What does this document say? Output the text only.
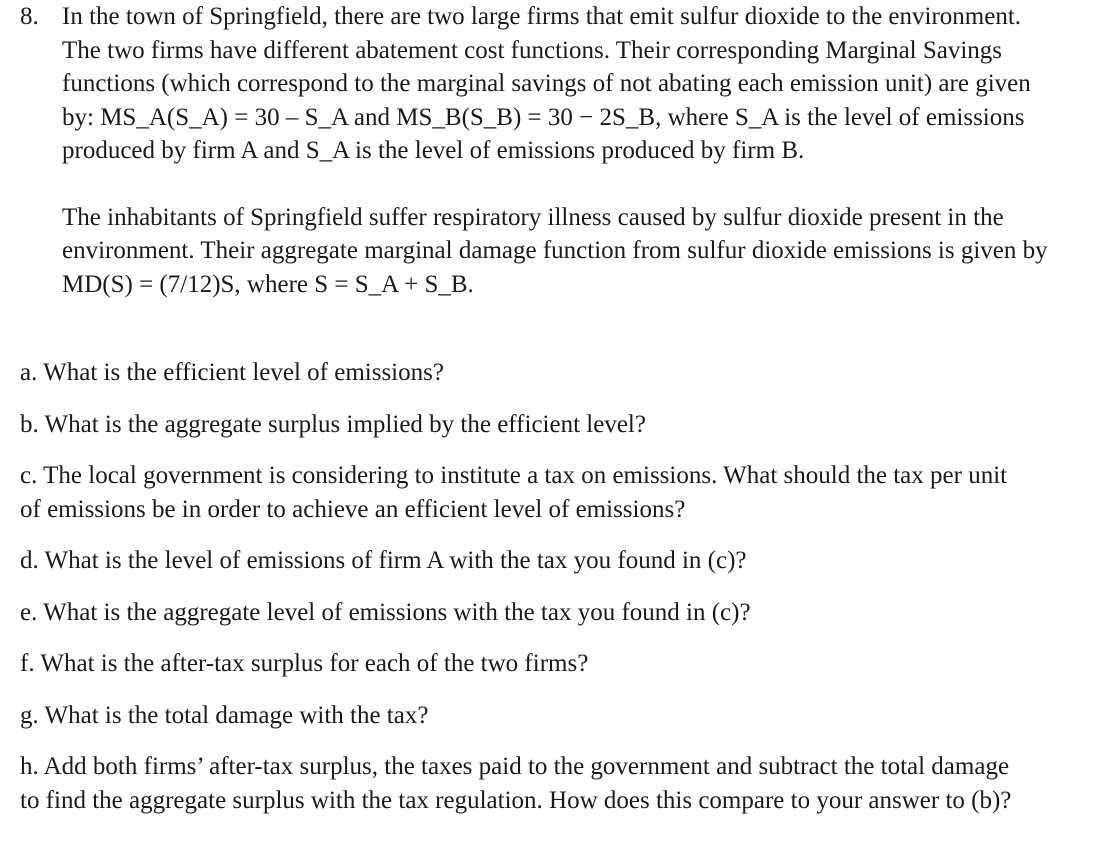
8. In the town of Springfield, there are two large firms that emit sulfur dioxide to the environment. The two firms have different abatement cost functions. Their corresponding Marginal Savings functions (which correspond to the marginal savings of not abating each emission unit) are given by: MS_A(S_A) = 30 – S_A and MS_B(S_B) = 30 − 2S_B, where S_A is the level of emissions produced by firm A and S_A is the level of emissions produced by firm B.

The inhabitants of Springfield suffer respiratory illness caused by sulfur dioxide present in the environment. Their aggregate marginal damage function from sulfur dioxide emissions is given by MD(S) = (7/12)S, where S = S_A + S_B.

a. What is the efficient level of emissions?

b. What is the aggregate surplus implied by the efficient level?

c. The local government is considering to institute a tax on emissions. What should the tax per unit of emissions be in order to achieve an efficient level of emissions?

d. What is the level of emissions of firm A with the tax you found in (c)?

e. What is the aggregate level of emissions with the tax you found in (c)?

f. What is the after-tax surplus for each of the two firms?

g. What is the total damage with the tax?

h. Add both firms’ after-tax surplus, the taxes paid to the government and subtract the total damage to find the aggregate surplus with the tax regulation. How does this compare to your answer to (b)?
